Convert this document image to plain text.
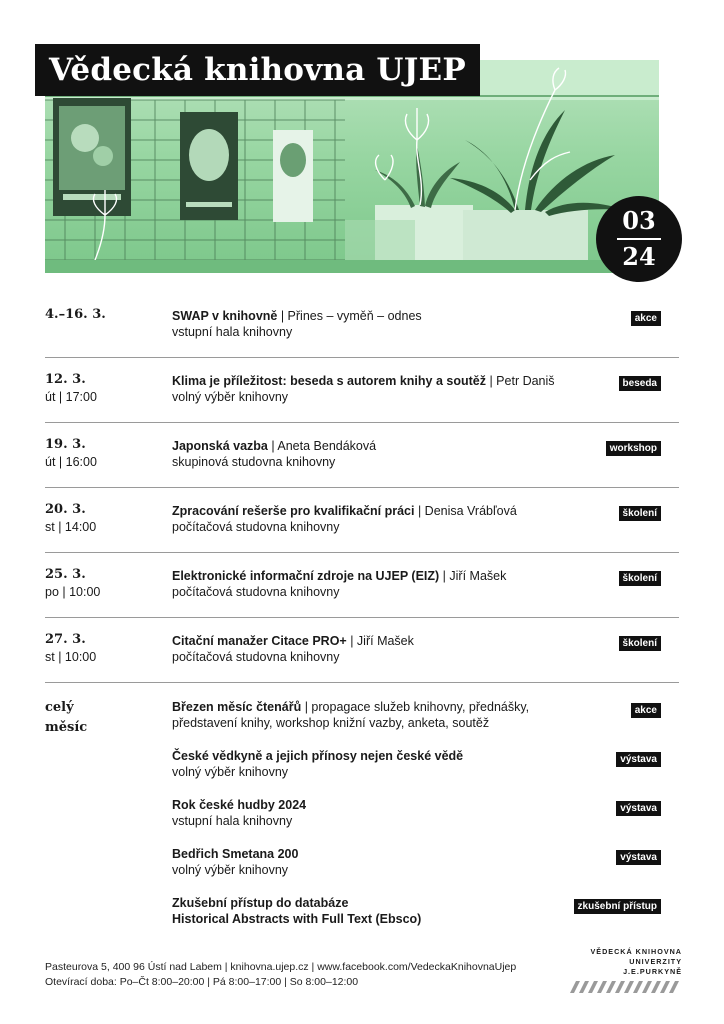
Vědecká knihovna UJEP
03
24
4.–16. 3.	SWAP v knihovně | Přines – vyměň – odnes
vstupní hala knihovny
akce
12. 3.
út | 17:00
Klima je příležitost: beseda s autorem knihy a soutěž | Petr Daniš
volný výběr knihovny
beseda
19. 3.
út | 16:00
Japonská vazba | Aneta Bendáková
skupinová studovna knihovny
workshop
20. 3.
st | 14:00
Zpracování rešerše pro kvalifikační práci | Denisa Vrábľová
počítačová studovna knihovny
školení
25. 3.
po | 10:00
Elektronické informační zdroje na UJEP (EIZ) | Jiří Mašek
počítačová studovna knihovny
školení
27. 3.
st | 10:00
Citační manažer Citace PRO+ | Jiří Mašek
počítačová studovna knihovny
školení
celý
měsíc
Březen měsíc čtenářů | propagace služeb knihovny, přednášky,
představení knihy, workshop knižní vazby, anketa, soutěž
akce
České vědkyně a jejich přínosy nejen české vědě
volný výběr knihovny
výstava
Rok české hudby 2024
vstupní hala knihovny
výstava
Bedřich Smetana 200
volný výběr knihovny
výstava
Zkušební přístup do databáze
Historical Abstracts with Full Text (Ebsco)
zkušební přístup
Pasteurova 5, 400 96 Ústí nad Labem | knihovna.ujep.cz | www.facebook.com/VedeckaKnihovnaUjep
Otevírací doba: Po–Čt 8:00–20:00 | Pá 8:00–17:00 | So 8:00–12:00
VĚDECKÁ KNIHOVNA
UNIVERZITY J.E.PURKYNĚ
